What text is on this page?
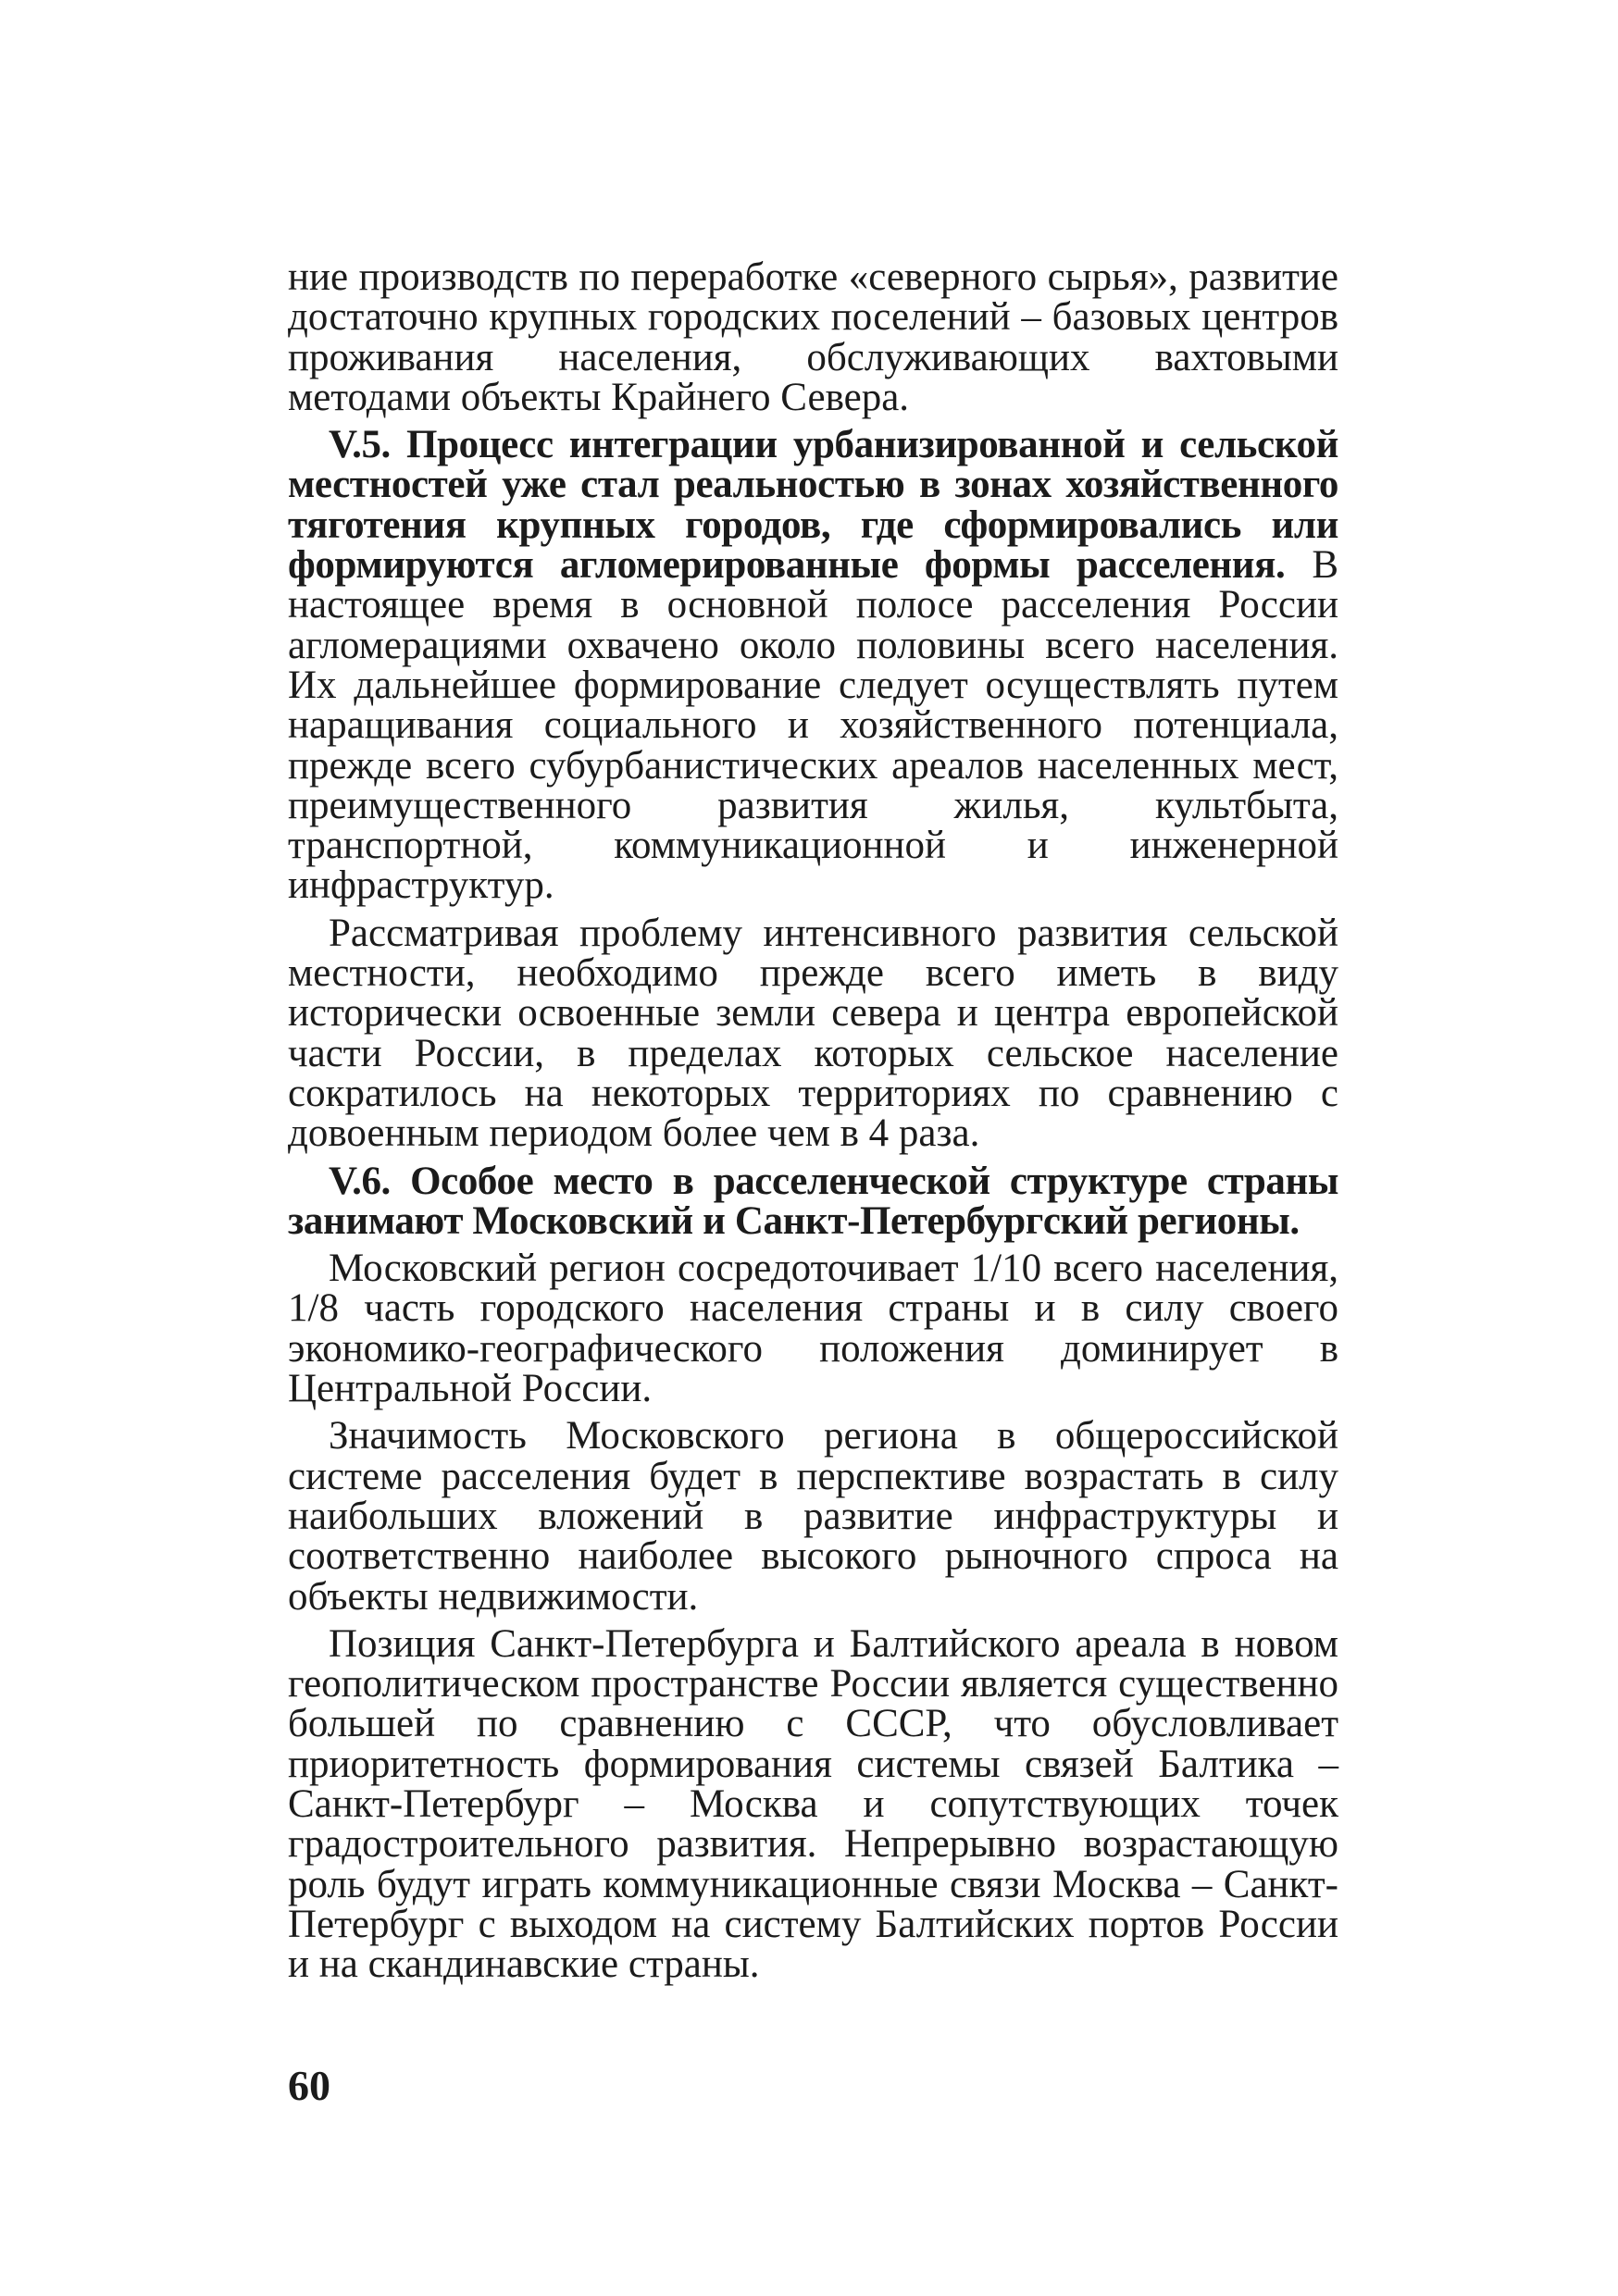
ние производств по переработке «северного сырья», развитие достаточно крупных городских поселений – базовых центров проживания населения, обслуживающих вахтовыми методами объекты Крайнего Севера.

V.5. Процесс интеграции урбанизированной и сельской местностей уже стал реальностью в зонах хозяйственного тяготения крупных городов, где сформировались или формируются агломерированные формы расселения. В настоящее время в основной полосе расселения России агломерациями охвачено около половины всего населения. Их дальнейшее формирование следует осуществлять путем наращивания социального и хозяйственного потенциала, прежде всего субурбанистических ареалов населенных мест, преимущественного развития жилья, культбыта, транспортной, коммуникационной и инженерной инфраструктур.

Рассматривая проблему интенсивного развития сельской местности, необходимо прежде всего иметь в виду исторически освоенные земли севера и центра европейской части России, в пределах которых сельское население сократилось на некоторых территориях по сравнению с довоенным периодом более чем в 4 раза.

V.6. Особое место в расселенческой структуре страны занимают Московский и Санкт-Петербургский регионы.

Московский регион сосредоточивает 1/10 всего населения, 1/8 часть городского населения страны и в силу своего экономико-географического положения доминирует в Центральной России.

Значимость Московского региона в общероссийской системе расселения будет в перспективе возрастать в силу наибольших вложений в развитие инфраструктуры и соответственно наиболее высокого рыночного спроса на объекты недвижимости.

Позиция Санкт-Петербурга и Балтийского ареала в новом геополитическом пространстве России является существенно большей по сравнению с СССР, что обусловливает приоритетность формирования системы связей Балтика – Санкт-Петербург – Москва и сопутствующих точек градостроительного развития. Непрерывно возрастающую роль будут играть коммуникационные связи Москва – Санкт-Петербург с выходом на систему Балтийских портов России и на скандинавские страны.

60
